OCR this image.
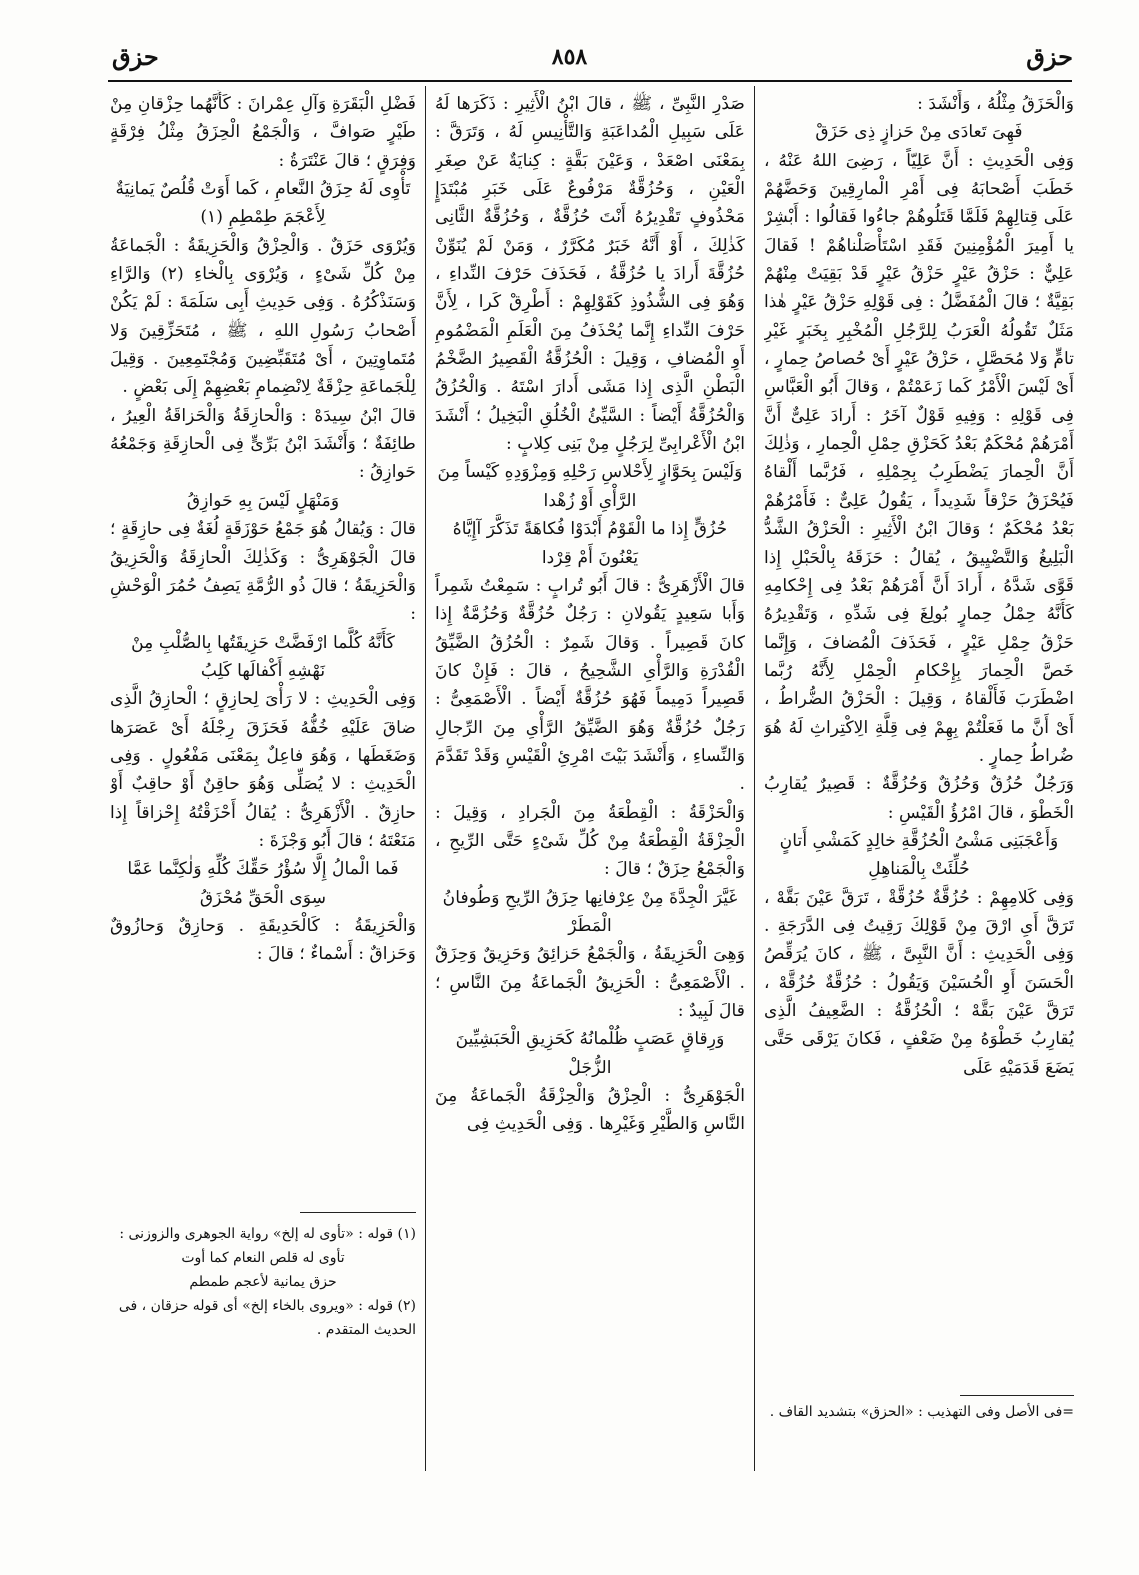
حزق
٨٥٨
حزق

وَالْحَزَقُ مِثْلُهُ ، وَأَنْشَدَ :

فَهِىَ تَعادَى مِنْ حَزازٍ ذِى حَزَقْ

وَفِى الْحَدِيثِ : أَنَّ عَلِيّاً ، رَضِىَ اللهُ عَنْهُ ، خَطَبَ أَصْحابَهُ فِى أَمْرِ الْمارِقِينَ وَحَضَّهُمْ عَلَى قِتالِهِمْ فَلَمَّا قَتَلُوهُمْ جاءُوا فَقالُوا : أَبْشِرْ يا أَمِيرَ الْمُؤْمِنِينَ فَقَدِ اسْتَأْصَلْناهُمْ ! فَقالَ عَلِيٌّ : حَزْقُ عَيْرٍ حَزْقُ عَيْرٍ قَدْ بَقِيَتْ مِنْهُمْ بَقِيَّةٌ ؛ قالَ الْمُفَضَّلُ : فِى قَوْلِهِ حَزْقُ عَيْرٍ هٰذا مَثَلٌ تَقُولُهُ الْعَرَبُ لِلرَّجُلِ الْمُخْبِرِ بِخَبَرٍ غَيْرِ تامٍّ وَلا مُحَصَّلٍ ، حَزْقُ عَيْرٍ أَىْ حُصاصُ حِمارٍ ، أَىْ لَيْسَ الْأَمْرُ كَما زَعَمْتُمْ ، وَقالَ أَبُو الْعَبَّاسِ فِى قَوْلِهِ : وَفِيهِ قَوْلٌ آخَرُ : أَرادَ عَلِىٌّ أَنَّ أَمْرَهُمْ مُحْكَمٌ بَعْدُ كَحَزْقِ حِمْلِ الْحِمارِ ، وَذٰلِكَ أَنَّ الْحِمارَ يَضْطَرِبُ بِحِمْلِهِ ، فَرُبَّما أَلْقاهُ فَيُحْزَقُ حَزْقاً شَدِيداً ، يَقُولُ عَلِىٌّ : فَأَمْرُهُمْ بَعْدُ مُحْكَمٌ ؛ وَقالَ ابْنُ الْأَثِيرِ : الْحَزْقُ الشَّدُّ الْبَلِيغُ وَالتَّضْيِيقُ ، يُقالُ : حَزَقَهُ بِالْحَبْلِ إِذا قَوَّى شَدَّهُ ، أَرادَ أَنَّ أَمْرَهُمْ بَعْدُ فِى إِحْكامِهِ كَأَنَّهُ حِمْلُ حِمارٍ بُولِغَ فِى شَدِّهِ ، وَتَقْدِيرُهُ حَزْقُ حِمْلِ عَيْرٍ ، فَحَذَفَ الْمُضافَ ، وَإِنَّما خَصَّ الْحِمارَ بِإِحْكامِ الْحِمْلِ لِأَنَّهُ رُبَّما اضْطَرَبَ فَأَلْقاهُ ، وَقِيلَ : الْحَزْقُ الضُّراطُ ، أَىْ أَنَّ ما فَعَلْتُمْ بِهِمْ فِى قِلَّةِ الِاكْتِراثِ لَهُ هُوَ ضُراطُ حِمارٍ .

وَرَجُلٌ حُزُقٌ وَحُزُقٌ وَحُزُقَّةٌ : قَصِيرٌ يُقارِبُ الْخَطْوَ ، قالَ امْرُؤُ الْقَيْسِ :

وَأَعْجَبَنِى مَشْىُ الْحُزُقَّةِ خالِدٍ كَمَشْىِ أَتانٍ حُلِّئَتْ بِالْمَناهِلِ

وَفِى كَلامِهِمْ : حُزُقَّةٌ حُزُقَّةْ ، تَرَقَّ عَيْنَ بَقَّهْ ، تَرَقَّ أَىِ ارْقَ مِنْ قَوْلِكَ رَقِيتُ فِى الدَّرَجَةِ . وَفِى الْحَدِيثِ : أَنَّ النَّبِىَّ ، ﷺ ، كانَ يُرَقِّصُ الْحَسَنَ أَوِ الْحُسَيْنَ وَيَقُولُ : حُزُقَّةٌ حُزُقَّهْ ، تَرَقَّ عَيْنَ بَقَّهْ ؛ الْحُزُقَّةُ : الضَّعِيفُ الَّذِى يُقارِبُ خَطْوَهُ مِنْ ضَعْفٍ ، فَكانَ يَرْقَى حَتَّى يَضَعَ قَدَمَيْهِ عَلَى

صَدْرِ النَّبِىِّ ، ﷺ ، قالَ ابْنُ الْأَثِيرِ : ذَكَرَها لَهُ عَلَى سَبِيلِ الْمُداعَبَةِ وَالتَّأْنِيسِ لَهُ ، وَتَرَقَّ : بِمَعْنَى اصْعَدْ ، وَعَيْنَ بَقَّةٍ : كِنايَةٌ عَنْ صِغَرِ الْعَيْنِ ، وَحُزُقَّةٌ مَرْفُوعٌ عَلَى خَبَرِ مُبْتَدَإٍ مَحْذُوفٍ تَقْدِيرُهُ أَنْتَ حُزُقَّةٌ ، وَحُزُقَّةٌ الثَّانِى كَذٰلِكَ ، أَوْ أَنَّهُ خَبَرٌ مُكَرَّرٌ ، وَمَنْ لَمْ يُنَوِّنْ حُزُقَّةَ أَرادَ يا حُزُقَّةُ ، فَحَذَفَ حَرْفَ النِّداءِ ، وَهُوَ فِى الشُّذُوذِ كَقَوْلِهِمْ : أَطْرِقْ كَرا ، لِأَنَّ حَرْفَ النِّداءِ إِنَّما يُحْذَفُ مِنَ الْعَلَمِ الْمَضْمُومِ أَوِ الْمُضافِ ، وَقِيلَ : الْحُزُقَّةُ الْقَصِيرُ الضَّخْمُ الْبَطْنِ الَّذِى إِذا مَشَى أَدارَ اسْتَهُ . وَالْحُزُقُ وَالْحُزُقَّةُ أَيْضاً : السَّيِّئُ الْخُلُقِ الْبَخِيلُ ؛ أَنْشَدَ ابْنُ الْأَعْرابِىِّ لِرَجُلٍ مِنْ بَنِى كِلابٍ :

وَلَيْسَ بِحَوَّازٍ لِأَحْلاسِ رَحْلِهِ وَمِزْوَدِهِ كَيْساً مِنَ الرَّأْىِ أَوْ زُهْدا

حُزُقٍّ إِذا ما الْقَوْمُ أَبْدَوْا فُكاهَةً تَذَكَّرَ آإِيَّاهُ يَعْنُونَ أَمْ قِرْدا

قالَ الْأَزْهَرِىُّ : قالَ أَبُو تُرابٍ : سَمِعْتُ شَمِراً وَأَبا سَعِيدٍ يَقُولانِ : رَجُلٌ حُزُقَّةٌ وَحُزُمَّةٌ إِذا كانَ قَصِيراً . وَقالَ شَمِرٌ : الْحُزُقُ الضَّيِّقُ الْقُدْرَةِ وَالرَّأْىِ الشَّحِيحُ ، قالَ : فَإِنْ كانَ قَصِيراً دَمِيماً فَهُوَ حُزُقَّةٌ أَيْضاً . الْأَصْمَعِىُّ : رَجُلٌ حُزُقَّةٌ وَهُوَ الضَّيِّقُ الرَّأْىِ مِنَ الرِّجالِ وَالنِّساءِ ، وَأَنْشَدَ بَيْتَ امْرِئِ الْقَيْسِ وَقَدْ تَقَدَّمَ .

وَالْحَزْقَةُ : الْقِطْعَةُ مِنَ الْجَرادِ ، وَقِيلَ : الْحِزْقَةُ الْقِطْعَةُ مِنْ كُلِّ شَىْءٍ حَتَّى الرِّيحِ ، وَالْجَمْعُ حِزَقٌ ؛ قالَ :

غَيَّرَ الْجِدَّةَ مِنْ عِرْفانِها حِزَقُ الرِّيحِ وَطُوفانُ الْمَطَرْ

وَهِىَ الْحَزِيقَةُ ، وَالْجَمْعُ حَزائِقُ وَحَزِيقٌ وَحِزَقٌ . الْأَصْمَعِىُّ : الْحَزِيقُ الْجَماعَةُ مِنَ النَّاسِ ؛ قالَ لَبِيدٌ :

وَرِقاقٍ عَصَبٍ ظُلْمانُهُ كَحَزِيقِ الْحَبَشِيِّينَ الزُّجَلْ

الْجَوْهَرِىُّ : الْحِزْقُ وَالْحِزْقَةُ الْجَماعَةُ مِنَ النَّاسِ وَالطَّيْرِ وَغَيْرِها . وَفِى الْحَدِيثِ فِى

فَضْلِ الْبَقَرَةِ وَآلِ عِمْرانَ : كَأَنَّهُما حِزْقانِ مِنْ طَيْرٍ صَوافَّ ، وَالْجَمْعُ الْحِزَقُ مِثْلُ فِرْقَةٍ وَفِرَقٍ ؛ قالَ عَنْتَرَةُ :

تَأْوِى لَهُ حِزَقُ النَّعامِ ، كَما أَوَتْ قُلُصٌ يَمانِيَةٌ لِأَعْجَمَ طِمْطِمِ (١)

وَيُرْوَى حَزَقٌ . وَالْحِزْقُ وَالْحَزِيقَةُ : الْجَماعَةُ مِنْ كُلِّ شَىْءٍ ، وَيُرْوَى بِالْخاءِ (٢) وَالرَّاءِ وَسَنَذْكُرُهُ . وَفِى حَدِيثِ أَبِى سَلَمَةَ : لَمْ يَكُنْ أَصْحابُ رَسُولِ اللهِ ، ﷺ ، مُتَحَزِّقِينَ وَلا مُتَماوِتِينَ ، أَىْ مُتَقَبِّضِينَ وَمُجْتَمِعِينَ . وَقِيلَ لِلْجَماعَةِ حِزْقَةٌ لِانْضِمامِ بَعْضِهِمْ إِلَى بَعْضٍ .

قالَ ابْنُ سِيدَهْ : وَالْحازِقَةُ وَالْحَزاقَةُ الْعِيرُ ، طائِفَةٌ ؛ وَأَنْشَدَ ابْنُ بَرِّىٍّ فِى الْحازِقَةِ وَجَمْعُهُ حَوازِقُ :

وَمَنْهَلٍ لَيْسَ بِهِ حَوازِقُ

قالَ : وَيُقالُ هُوَ جَمْعُ حَوْزَقَةٍ لُغَةٌ فِى حازِقَةٍ ؛ قالَ الْجَوْهَرِىُّ : وَكَذٰلِكَ الْحازِقَةُ وَالْحَزِيقُ وَالْحَزِيقَةُ ؛ قالَ ذُو الرُّمَّةِ يَصِفُ حُمُرَ الْوَحْشِ :

كَأَنَّهُ كُلَّما ارْفَضَّتْ حَزِيقَتُها بِالصُّلْبِ مِنْ نَهْشِهِ أَكْفالَها كَلِبُ

وَفِى الْحَدِيثِ : لا رَأْىَ لِحازِقٍ ؛ الْحازِقُ الَّذِى ضاقَ عَلَيْهِ خُفُّهُ فَحَزَقَ رِجْلَهُ أَىْ عَصَرَها وَضَغَطَها ، وَهُوَ فاعِلٌ بِمَعْنَى مَفْعُولٍ . وَفِى الْحَدِيثِ : لا يُصَلِّى وَهُوَ حاقِنٌ أَوْ حاقِبٌ أَوْ حازِقٌ . الْأَزْهَرِىُّ : يُقالُ أَحْزَقْتُهُ إِحْزاقاً إِذا مَنَعْتَهُ ؛ قالَ أَبُو وَجْزَةَ :

فَما الْمالُ إِلَّا سُؤْرُ حَقِّكَ كُلِّهِ وَلٰكِنَّما عَمَّا سِوَى الْحَقِّ مُحْزَقُ

وَالْحَزِيقَةُ : كَالْحَدِيقَةِ . وَحازِقٌ وَحازُوقٌ وَحَزاقٌ : أَسْماءٌ ؛ قالَ :

(١) قوله : «تأوى له إلخ» رواية الجوهرى والزوزنى :
تأوى له قلص النعام كما أوت
حزق يمانية لأعجم طمطم
(٢) قوله : «ويروى بالخاء إلخ» أى قوله حزقان ، فى الحديث المتقدم .
=فى الأصل وفى التهذيب : «الحزق» بتشديد القاف .
